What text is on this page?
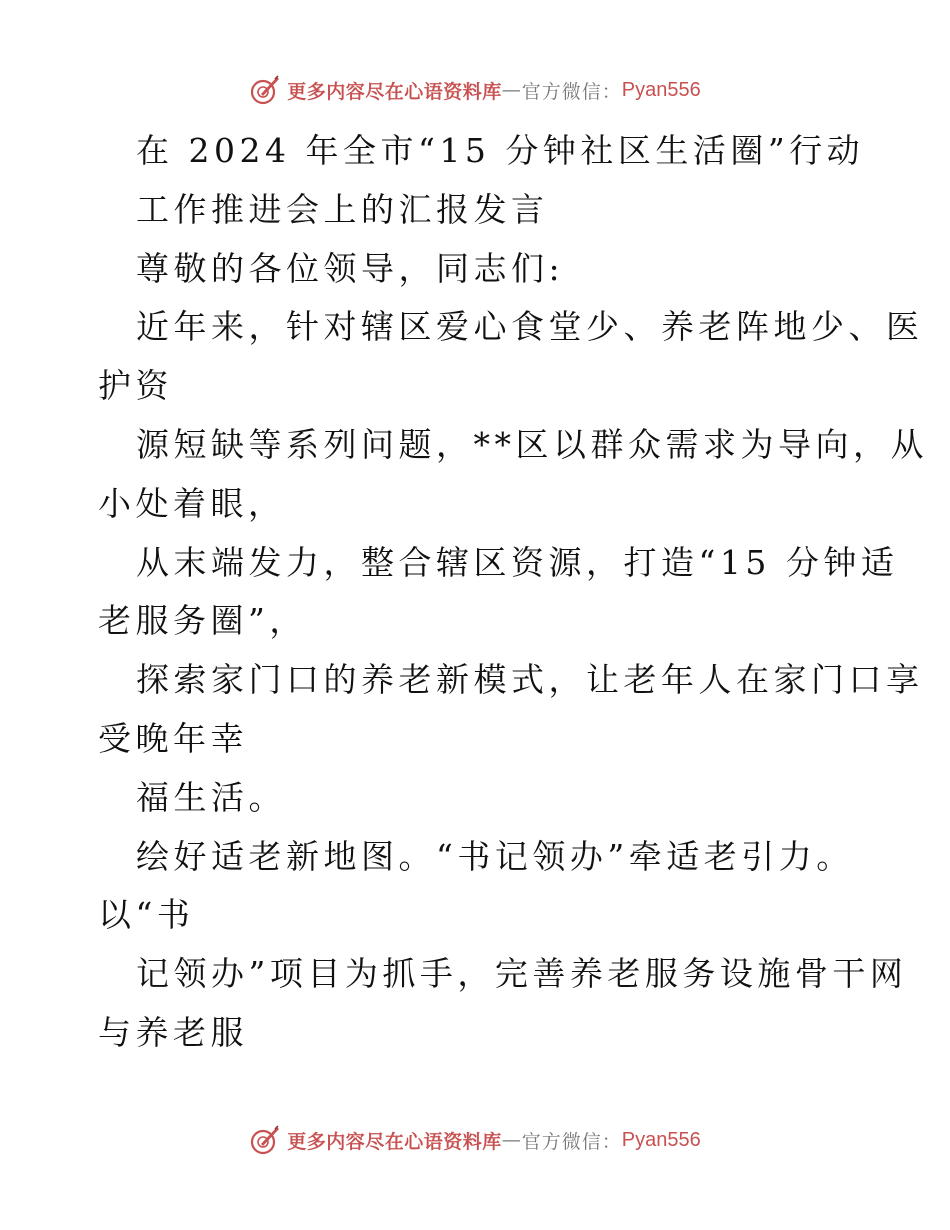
更多内容尽在心语资料库 — 官方微信： Pyan556
在 2024 年全市“15 分钟社区生活圈”行动
工作推进会上的汇报发言
尊敬的各位领导，同志们:
近年来，针对辖区爱心食堂少、养老阵地少、医
护资
源短缺等系列问题，**区以群众需求为导向，从
小处着眼，
从末端发力，整合辖区资源，打造“15 分钟适
老服务圈”，
探索家门口的养老新模式，让老年人在家门口享
受晚年幸
福生活。
绘好适老新地图。“书记领办”牵适老引力。
以“书
记领办”项目为抓手，完善养老服务设施骨干网
与养老服
更多内容尽在心语资料库 — 官方微信： Pyan556
